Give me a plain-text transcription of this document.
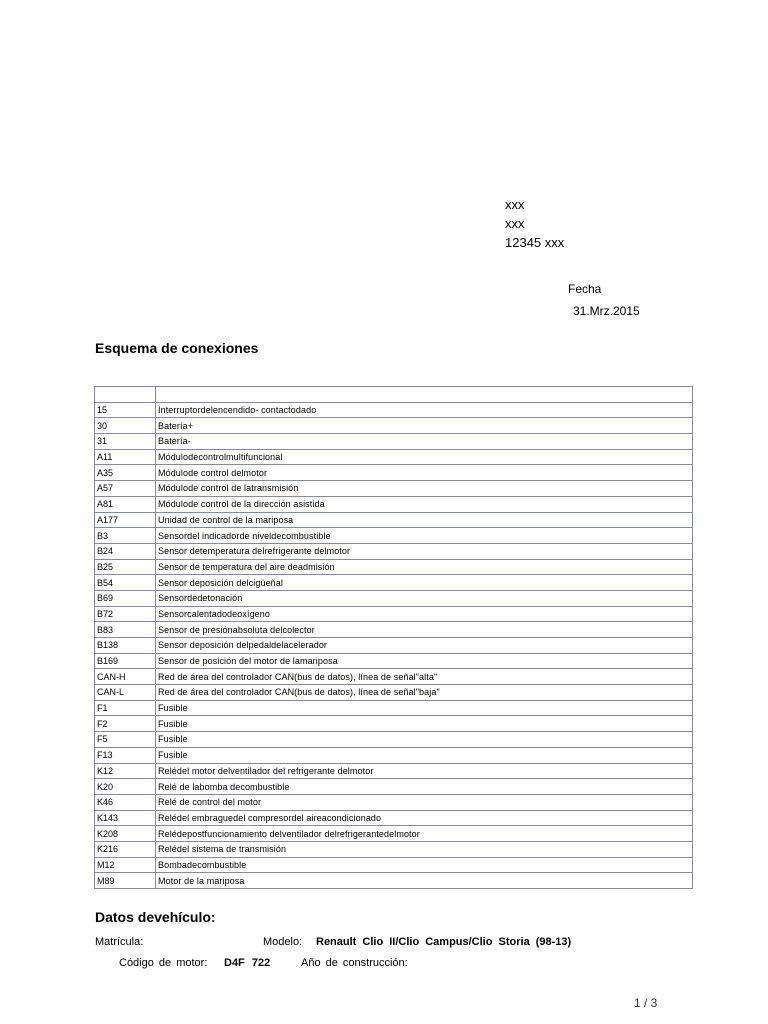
xxx
xxx
12345 xxx
Fecha
31.Mrz.2015
Esquema de conexiones

15	Interruptordelencendido- contactodado
30	Batería+
31	Batería-
A11	Módulodecontrolmultifuncional
A35	Módulode control delmotor
A57	Módulode control de latransmisión
A81	Módulode control de la dirección asistida
A177	Unidad de control de la mariposa
B3	Sensordel indicadorde niveldecombustible
B24	Sensor detemperatura delrefrigerante delmotor
B25	Sensor de temperatura del aire deadmisión
B54	Sensor deposición delcigüeñal
B69	Sensordedetonación
B72	Sensorcalentadodeoxígeno
B83	Sensor de presiónabsoluta delcolector
B138	Sensor deposición delpedaldelacelerador
B169	Sensor de posición del motor de lamariposa
CAN-H	Red de área del controlador CAN(bus de datos), línea de señal"alta"
CAN-L	Red de área del controlador CAN(bus de datos), línea de señal"baja"
F1	Fusible
F2	Fusible
F5	Fusible
F13	Fusible
K12	Relédel motor delventilador del refrigerante delmotor
K20	Relé de labomba decombustible
K46	Relé de control del motor
K143	Relédel embraguedel compresordel aireacondicionado
K208	Relédepostfuncionamiento delventilador delrefrigerantedelmotor
K216	Relédel sistema de transmisión
M12	Bombadecombustible
M89	Motor de la mariposa
Datos devehículo:
Matrícula:	Modelo: Renault Clio II/Clio Campus/Clio Storia (98-13)
Código de motor: D4F 722	Año de construcción:
1 / 3
